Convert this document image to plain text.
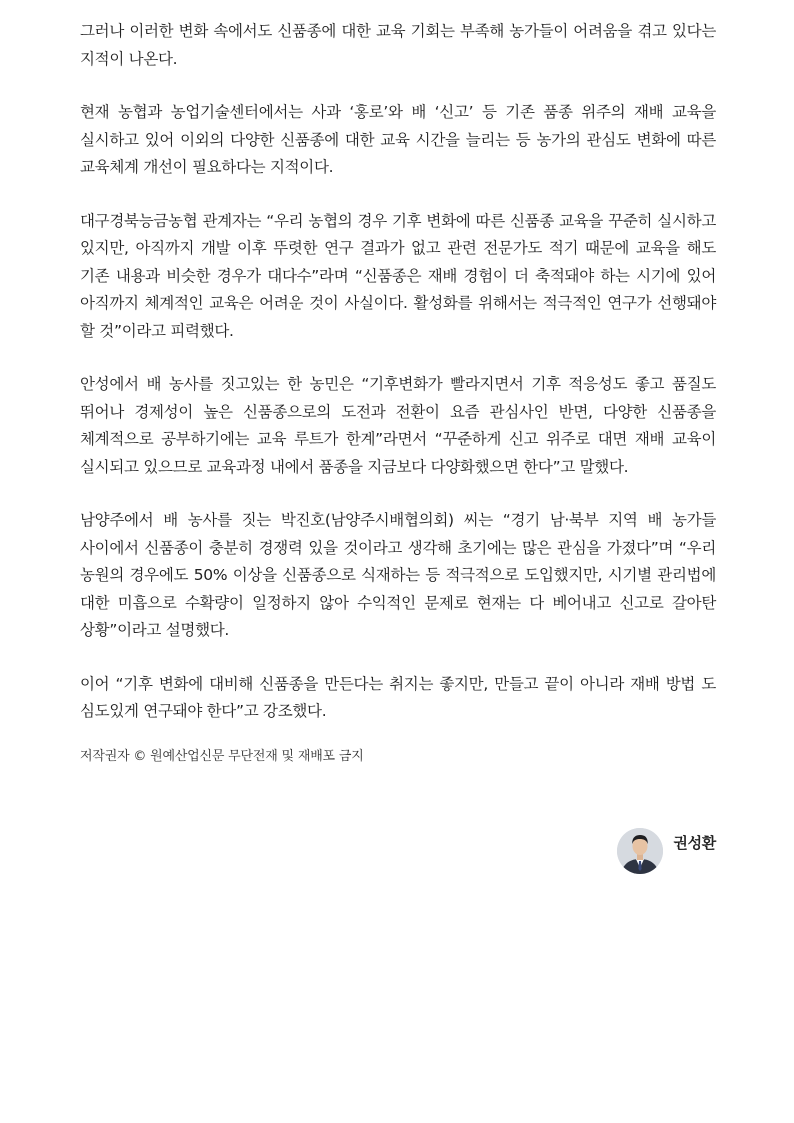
그러나 이러한 변화 속에서도 신품종에 대한 교육 기회는 부족해 농가들이 어려움을 겪고 있다는 지적이 나온다.

현재 농협과 농업기술센터에서는 사과 ‘홍로’와 배 ‘신고’ 등 기존 품종 위주의 재배 교육을 실시하고 있어 이외의 다양한 신품종에 대한 교육 시간을 늘리는 등 농가의 관심도 변화에 따른 교육체계 개선이 필요하다는 지적이다.

대구경북능금농협 관계자는 “우리 농협의 경우 기후 변화에 따른 신품종 교육을 꾸준히 실시하고 있지만, 아직까지 개발 이후 뚜렷한 연구 결과가 없고 관련 전문가도 적기 때문에 교육을 해도 기존 내용과 비슷한 경우가 대다수”라며 “신품종은 재배 경험이 더 축적돼야 하는 시기에 있어 아직까지 체계적인 교육은 어려운 것이 사실이다. 활성화를 위해서는 적극적인 연구가 선행돼야 할 것”이라고 피력했다.

안성에서 배 농사를 짓고있는 한 농민은 “기후변화가 빨라지면서 기후 적응성도 좋고 품질도 뛰어나 경제성이 높은 신품종으로의 도전과 전환이 요즘 관심사인 반면, 다양한 신품종을 체계적으로 공부하기에는 교육 루트가 한계”라면서 “꾸준하게 신고 위주로 대면 재배 교육이 실시되고 있으므로 교육과정 내에서 품종을 지금보다 다양화했으면 한다”고 말했다.

남양주에서 배 농사를 짓는 박진호(남양주시배협의회) 씨는 “경기 남·북부 지역 배 농가들 사이에서 신품종이 충분히 경쟁력 있을 것이라고 생각해 초기에는 많은 관심을 가졌다”며 “우리 농원의 경우에도 50% 이상을 신품종으로 식재하는 등 적극적으로 도입했지만, 시기별 관리법에 대한 미흡으로 수확량이 일정하지 않아 수익적인 문제로 현재는 다 베어내고 신고로 갈아탄 상황”이라고 설명했다.

이어 “기후 변화에 대비해 신품종을 만든다는 취지는 좋지만, 만들고 끝이 아니라 재배 방법 도 심도있게 연구돼야 한다”고 강조했다.

저작권자 © 원예산업신문 무단전재 및 재배포 금지
권성환
